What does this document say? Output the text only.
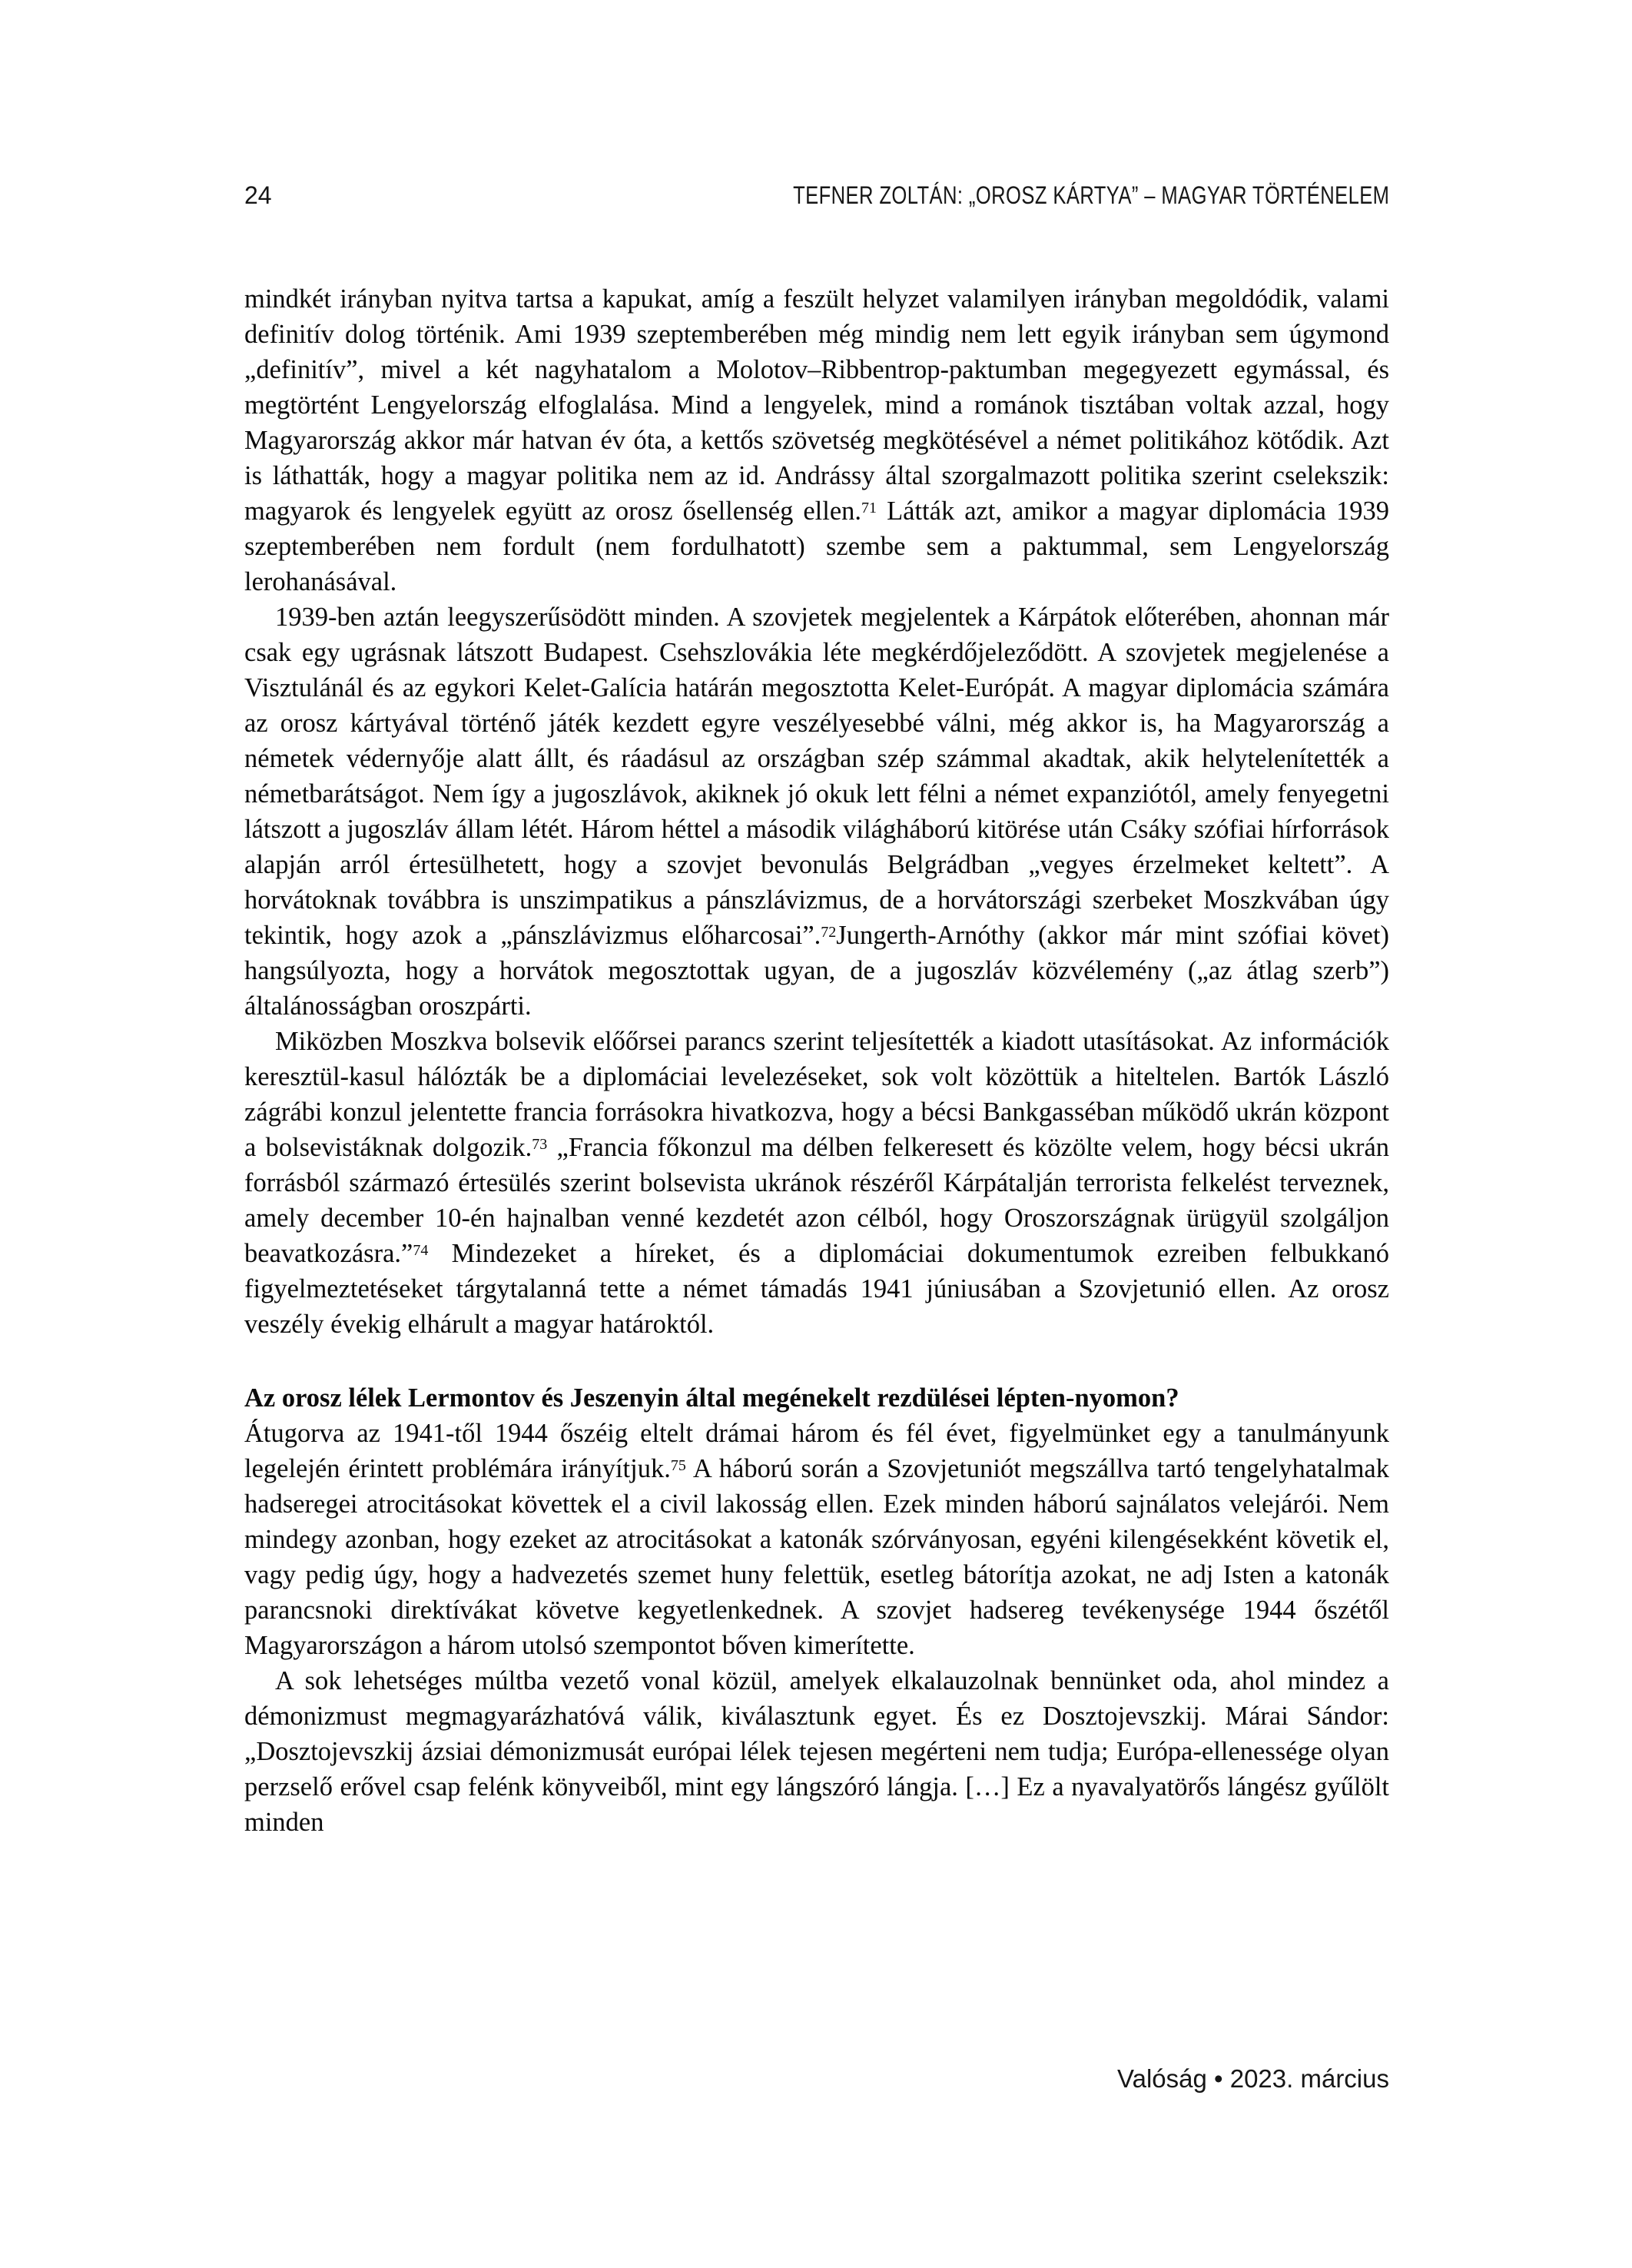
24	TEFNER ZOLTÁN: „OROSZ KÁRTYA” – MAGYAR TÖRTÉNELEM

mindkét irányban nyitva tartsa a kapukat, amíg a feszült helyzet valamilyen irányban megoldódik, valami definitív dolog történik. Ami 1939 szeptemberében még mindig nem lett egyik irányban sem úgymond „definitív”, mivel a két nagyhatalom a Molotov–Ribbentrop-paktumban megegyezett egymással, és megtörtént Lengyelország elfoglalása. Mind a lengyelek, mind a románok tisztában voltak azzal, hogy Magyarország akkor már hatvan év óta, a kettős szövetség megkötésével a német politikához kötődik. Azt is láthatták, hogy a magyar politika nem az id. Andrássy által szorgalmazott politika szerint cselekszik: magyarok és lengyelek együtt az orosz ősellenség ellen.$^{71}$ Látták azt, amikor a magyar diplomácia 1939 szeptemberében nem fordult (nem fordulhatott) szembe sem a paktummal, sem Lengyelország lerohanásával.

1939-ben aztán leegyszerűsödött minden. A szovjetek megjelentek a Kárpátok előterében, ahonnan már csak egy ugrásnak látszott Budapest. Csehszlovákia léte megkérdőjeleződött. A szovjetek megjelenése a Visztulánál és az egykori Kelet-Galícia határán megosztotta Kelet-Európát. A magyar diplomácia számára az orosz kártyával történő játék kezdett egyre veszélyesebbé válni, még akkor is, ha Magyarország a németek védernyője alatt állt, és ráadásul az országban szép számmal akadtak, akik helytelenítették a németbarátságot. Nem így a jugoszlávok, akiknek jó okuk lett félni a német expanziótól, amely fenyegetni látszott a jugoszláv állam létét. Három héttel a második világháború kitörése után Csáky szófiai hírforrások alapján arról értesülhetett, hogy a szovjet bevonulás Belgrádban „vegyes érzelmeket keltett”. A horvátoknak továbbra is unszimpatikus a pánszlávizmus, de a horvátországi szerbeket Moszkvában úgy tekintik, hogy azok a „pánszlávizmus előharcosai”.$^{72}$Jungerth-Arnóthy (akkor már mint szófiai követ) hangsúlyozta, hogy a horvátok megosztottak ugyan, de a jugoszláv közvélemény („az átlag szerb”) általánosságban oroszpárti.

Miközben Moszkva bolsevik előőrsei parancs szerint teljesítették a kiadott utasításokat. Az információk keresztül-kasul hálózták be a diplomáciai levelezéseket, sok volt közöttük a hiteltelen. Bartók László zágrábi konzul jelentette francia forrásokra hivatkozva, hogy a bécsi Bankgasséban működő ukrán központ a bolsevistáknak dolgozik.$^{73}$ „Francia főkonzul ma délben felkeresett és közölte velem, hogy bécsi ukrán forrásból származó értesülés szerint bolsevista ukránok részéről Kárpátalján terrorista felkelést terveznek, amely december 10-én hajnalban venné kezdetét azon célból, hogy Oroszországnak ürügyül szolgáljon beavatkozásra.”$^{74}$ Mindezeket a híreket, és a diplomáciai dokumentumok ezreiben felbukkanó figyelmeztetéseket tárgytalanná tette a német támadás 1941 júniusában a Szovjetunió ellen. Az orosz veszély évekig elhárult a magyar határoktól.

Az orosz lélek Lermontov és Jeszenyin által megénekelt rezdülései lépten-nyomon?

Átugorva az 1941-től 1944 őszéig eltelt drámai három és fél évet, figyelmünket egy a tanulmányunk legelején érintett problémára irányítjuk.$^{75}$ A háború során a Szovjetuniót megszállva tartó tengelyhatalmak hadseregei atrocitásokat követtek el a civil lakosság ellen. Ezek minden háború sajnálatos velejárói. Nem mindegy azonban, hogy ezeket az atrocitásokat a katonák szórványosan, egyéni kilengésekként követik el, vagy pedig úgy, hogy a hadvezetés szemet huny felettük, esetleg bátorítja azokat, ne adj Isten a katonák parancsnoki direktívákat követve kegyetlenkednek. A szovjet hadsereg tevékenysége 1944 őszétől Magyarországon a három utolsó szempontot bőven kimerítette.

A sok lehetséges múltba vezető vonal közül, amelyek elkalauzolnak bennünket oda, ahol mindez a démonizmust megmagyarázhatóvá válik, kiválasztunk egyet. És ez Dosztojevszkij. Márai Sándor: „Dosztojevszkij ázsiai démonizmusát európai lélek tejesen megérteni nem tudja; Európa-ellenessége olyan perzselő erővel csap felénk könyveiből, mint egy lángszóró lángja. […] Ez a nyavalyatörős lángész gyűlölt minden

Valóság • 2023. március
